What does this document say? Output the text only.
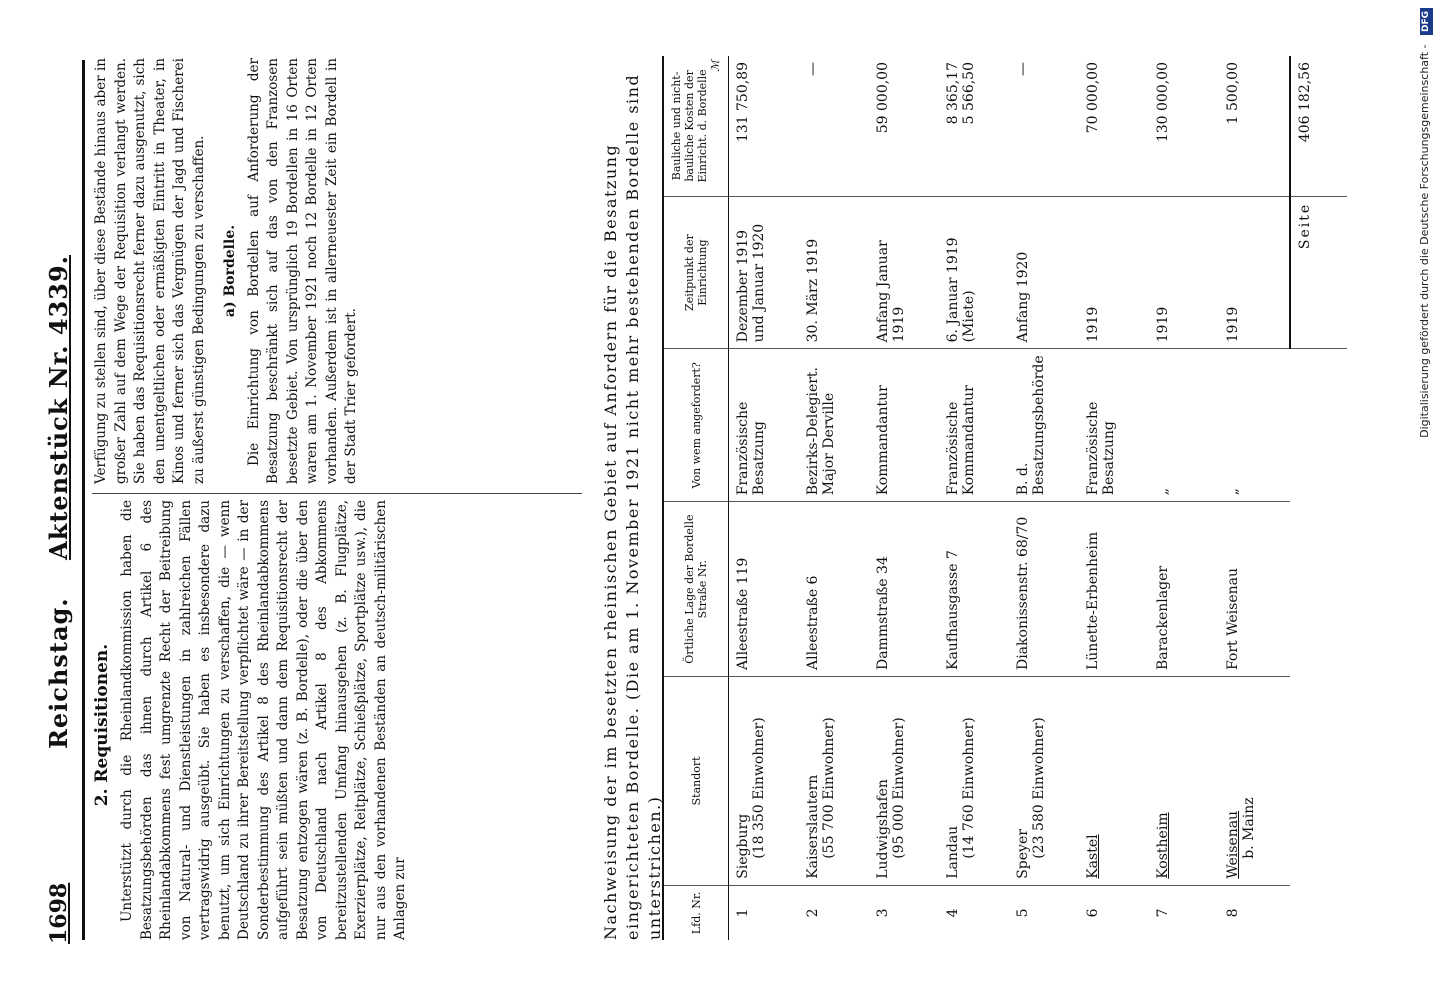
1698
Reichstag.    Aktenstück Nr. 4339.
2. Requisitionen. Unterstützt durch die Rheinlandkommission haben die Besatzungsbehörden das ihnen durch Artikel 6 des Rheinlandabkommens fest umgrenzte Recht der Beitreibung von Natural- und Dienstleistungen in zahlreichen Fällen vertragswidrig ausgeübt. Sie haben es insbesondere dazu benutzt, um sich Einrichtungen zu verschaffen, die — wenn Deutschland zu ihrer Bereitstellung verpflichtet wäre — in der Sonderbestimmung des Artikel 8 des Rheinlandabkommens aufgeführt sein müßten und dann dem Requisitionsrecht der Besatzung entzogen wären (z. B. Bordelle), oder die über den von Deutschland nach Artikel 8 des Abkommens bereitzustellenden Umfang hinausgehen (z. B. Flugplätze, Exerzierplätze, Reitplätze, Schießplätze, Sportplätze usw.), die nur aus den vorhandenen Beständen an deutsch-militärischen Anlagen zur

Verfügung zu stellen sind, über diese Bestände hinaus aber in großer Zahl auf dem Wege der Requisition verlangt werden. Sie haben das Requisitionsrecht ferner dazu ausgenutzt, sich den unentgeltlichen oder ermäßigten Eintritt in Theater, in Kinos und ferner sich das Vergnügen der Jagd und Fischerei zu äußerst günstigen Bedingungen zu verschaffen. a) Bordelle. Die Einrichtung von Bordellen auf Anforderung der Besatzung beschränkt sich auf das von den Franzosen besetzte Gebiet. Von ursprünglich 19 Bordellen in 16 Orten waren am 1. November 1921 noch 12 Bordelle in 12 Orten vorhanden. Außerdem ist in allerneuester Zeit ein Bordell in der Stadt Trier gefordert.	Nachweisung der im besetzten rheinischen Gebiet auf Anfordern für die Besatzung eingerichteten Bordelle. (Die am 1. November 1921 nicht mehr bestehenden Bordelle sind unterstrichen.) Lfd. Nr.	Standort	Örtliche Lage der Bordelle Straße Nr.	Von wem angefordert?	Zeitpunkt der Einrichtung	Bauliche und nicht-bauliche Kosten der Einricht. d. Bordelle
ℳ

1	Siegburg (18 350 Einwohner)	Alleestraße 119	Französische Besatzung	Dezember 1919 und Januar 1920	131 750,89
2	Kaiserslautern (55 700 Einwohner)	Alleestraße 6	Bezirks-Delegiert. Major Derville	30. März 1919	—
3	Ludwigshafen (95 000 Einwohner)	Dammstraße 34	Kommandantur	Anfang Januar 1919	59 000,00
4	Landau (14 760 Einwohner)	Kaufhausgasse 7	Französische Kommandantur	6. Januar 1919 (Miete)	8 365,17 5 566,50

5	Speyer (23 580 Einwohner)	Diakonissenstr. 68/70	B. d. Besatzungsbehörde	Anfang 1920	—
6	Kastel	Lünette-Erbenheim	Französische Besatzung	1919	70 000,00
7	Kostheim	Barackenlager	„	1919	130 000,00
8	Weisenau b. Mainz	Fort Weisenau	„	1919	1 500,00
				Seite	406 182,56	Digitalisierung gefördert durch die Deutsche Forschungsgemeinschaft - DFG
